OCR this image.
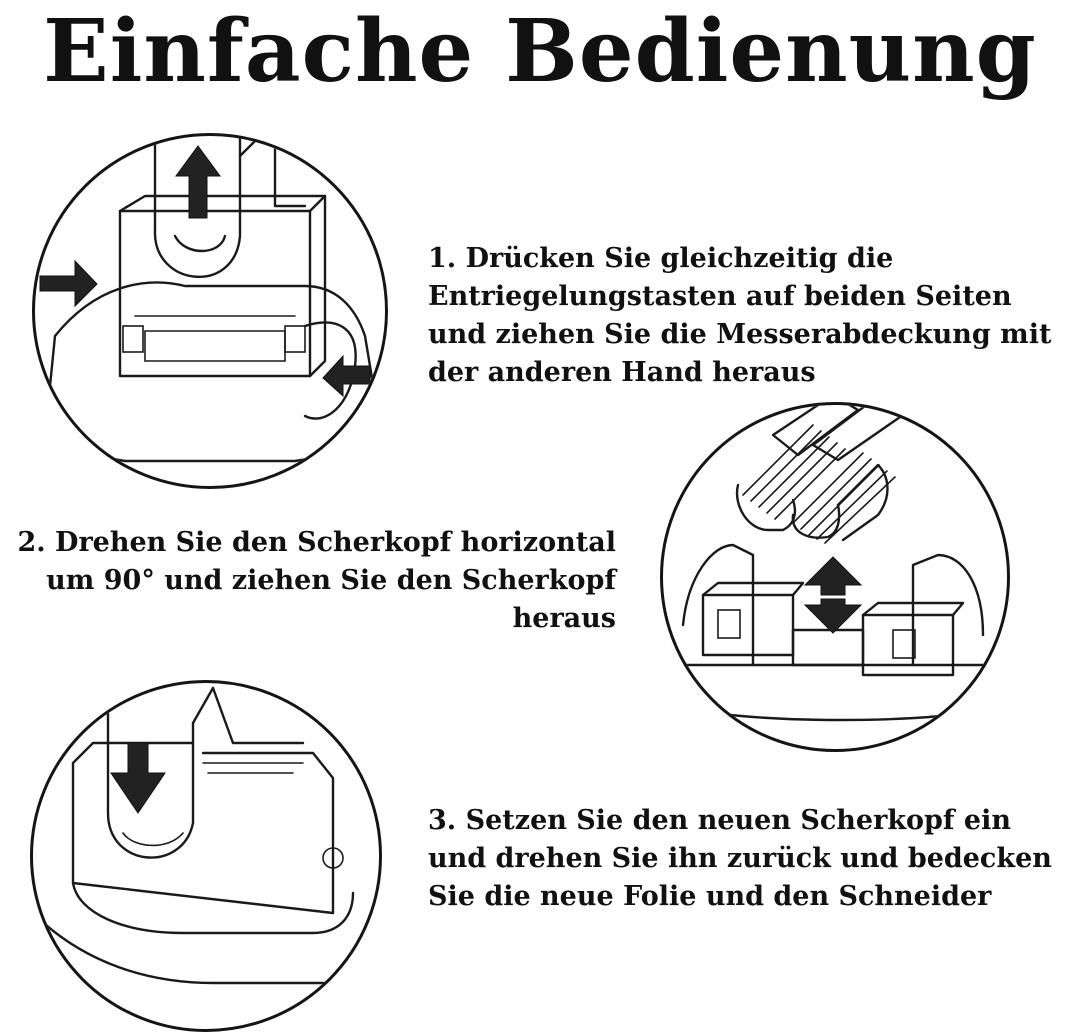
Einfache Bedienung
1. Drücken Sie gleichzeitig die
Entriegelungstasten auf beiden Seiten
und ziehen Sie die Messerabdeckung mit
der anderen Hand heraus
2. Drehen Sie den Scherkopf horizontal
um 90° und ziehen Sie den Scherkopf
heraus
3. Setzen Sie den neuen Scherkopf ein
und drehen Sie ihn zurück und bedecken
Sie die neue Folie und den Schneider
